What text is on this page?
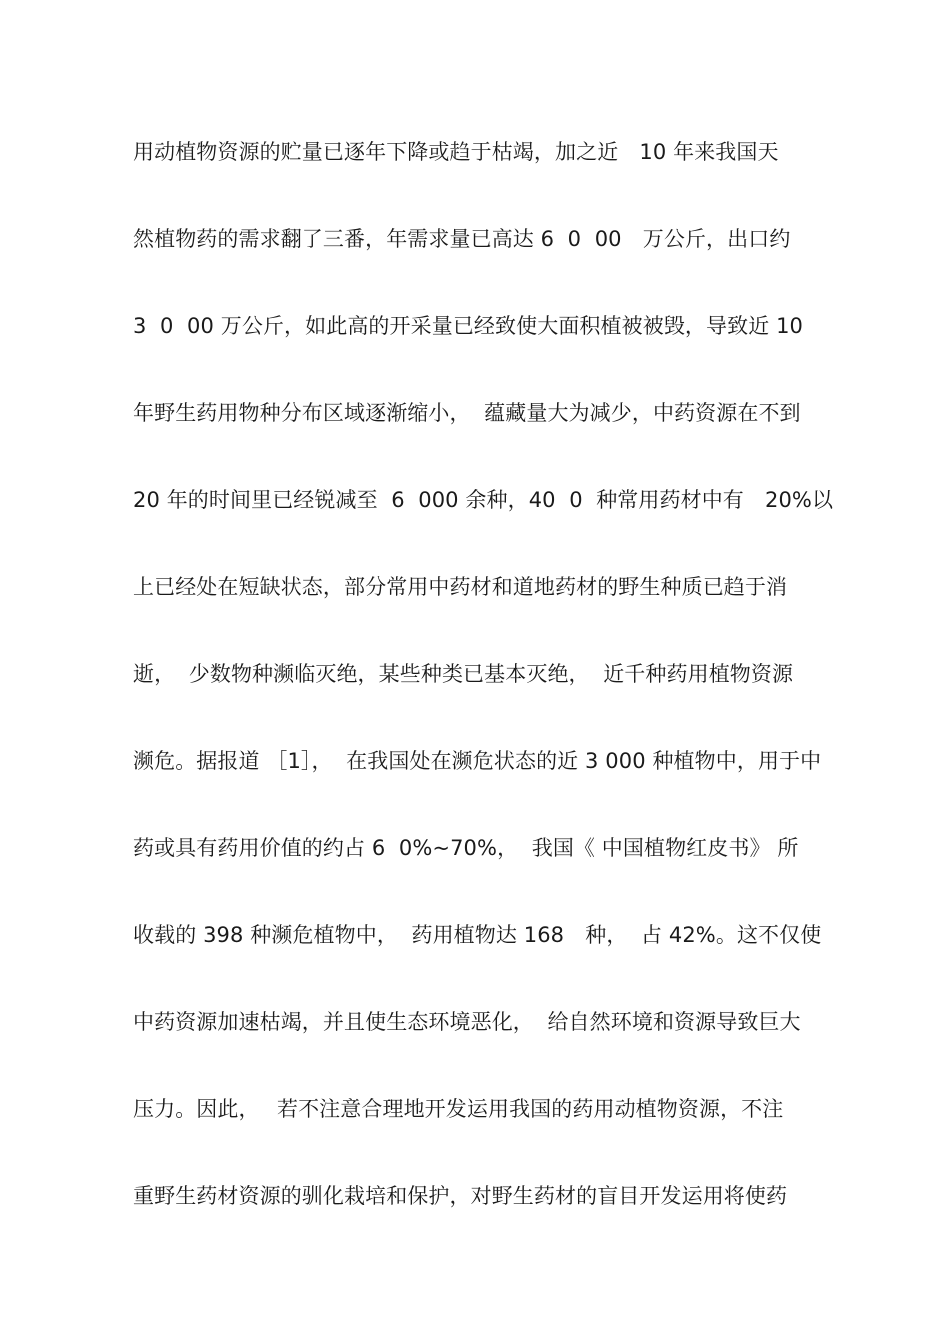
用动植物资源的贮量已逐年下降或趋于枯竭，加之近　10 年来我国天
然植物药的需求翻了三番，年需求量已高达 6  0  00　万公斤，出口约
3  0  00 万公斤，如此高的开采量已经致使大面积植被被毁，导致近 10
年野生药用物种分布区域逐渐缩小，  蕴藏量大为减少，中药资源在不到
20 年的时间里已经锐减至  6  000 余种，40  0  种常用药材中有　20%以
上已经处在短缺状态，部分常用中药材和道地药材的野生种质已趋于消
逝，  少数物种濒临灭绝，某些种类已基本灭绝，  近千种药用植物资源
濒危。据报道 ［1］，  在我国处在濒危状态的近 3 000 种植物中，用于中
药或具有药用价值的约占 6  0%~70%，  我国《 中国植物红皮书》 所
收载的 398 种濒危植物中，  药用植物达 168　种，  占 42%。这不仅使
中药资源加速枯竭，并且使生态环境恶化，  给自然环境和资源导致巨大
压力。因此，　 若不注意合理地开发运用我国的药用动植物资源，不注
重野生药材资源的驯化栽培和保护，对野生药材的盲目开发运用将使药
